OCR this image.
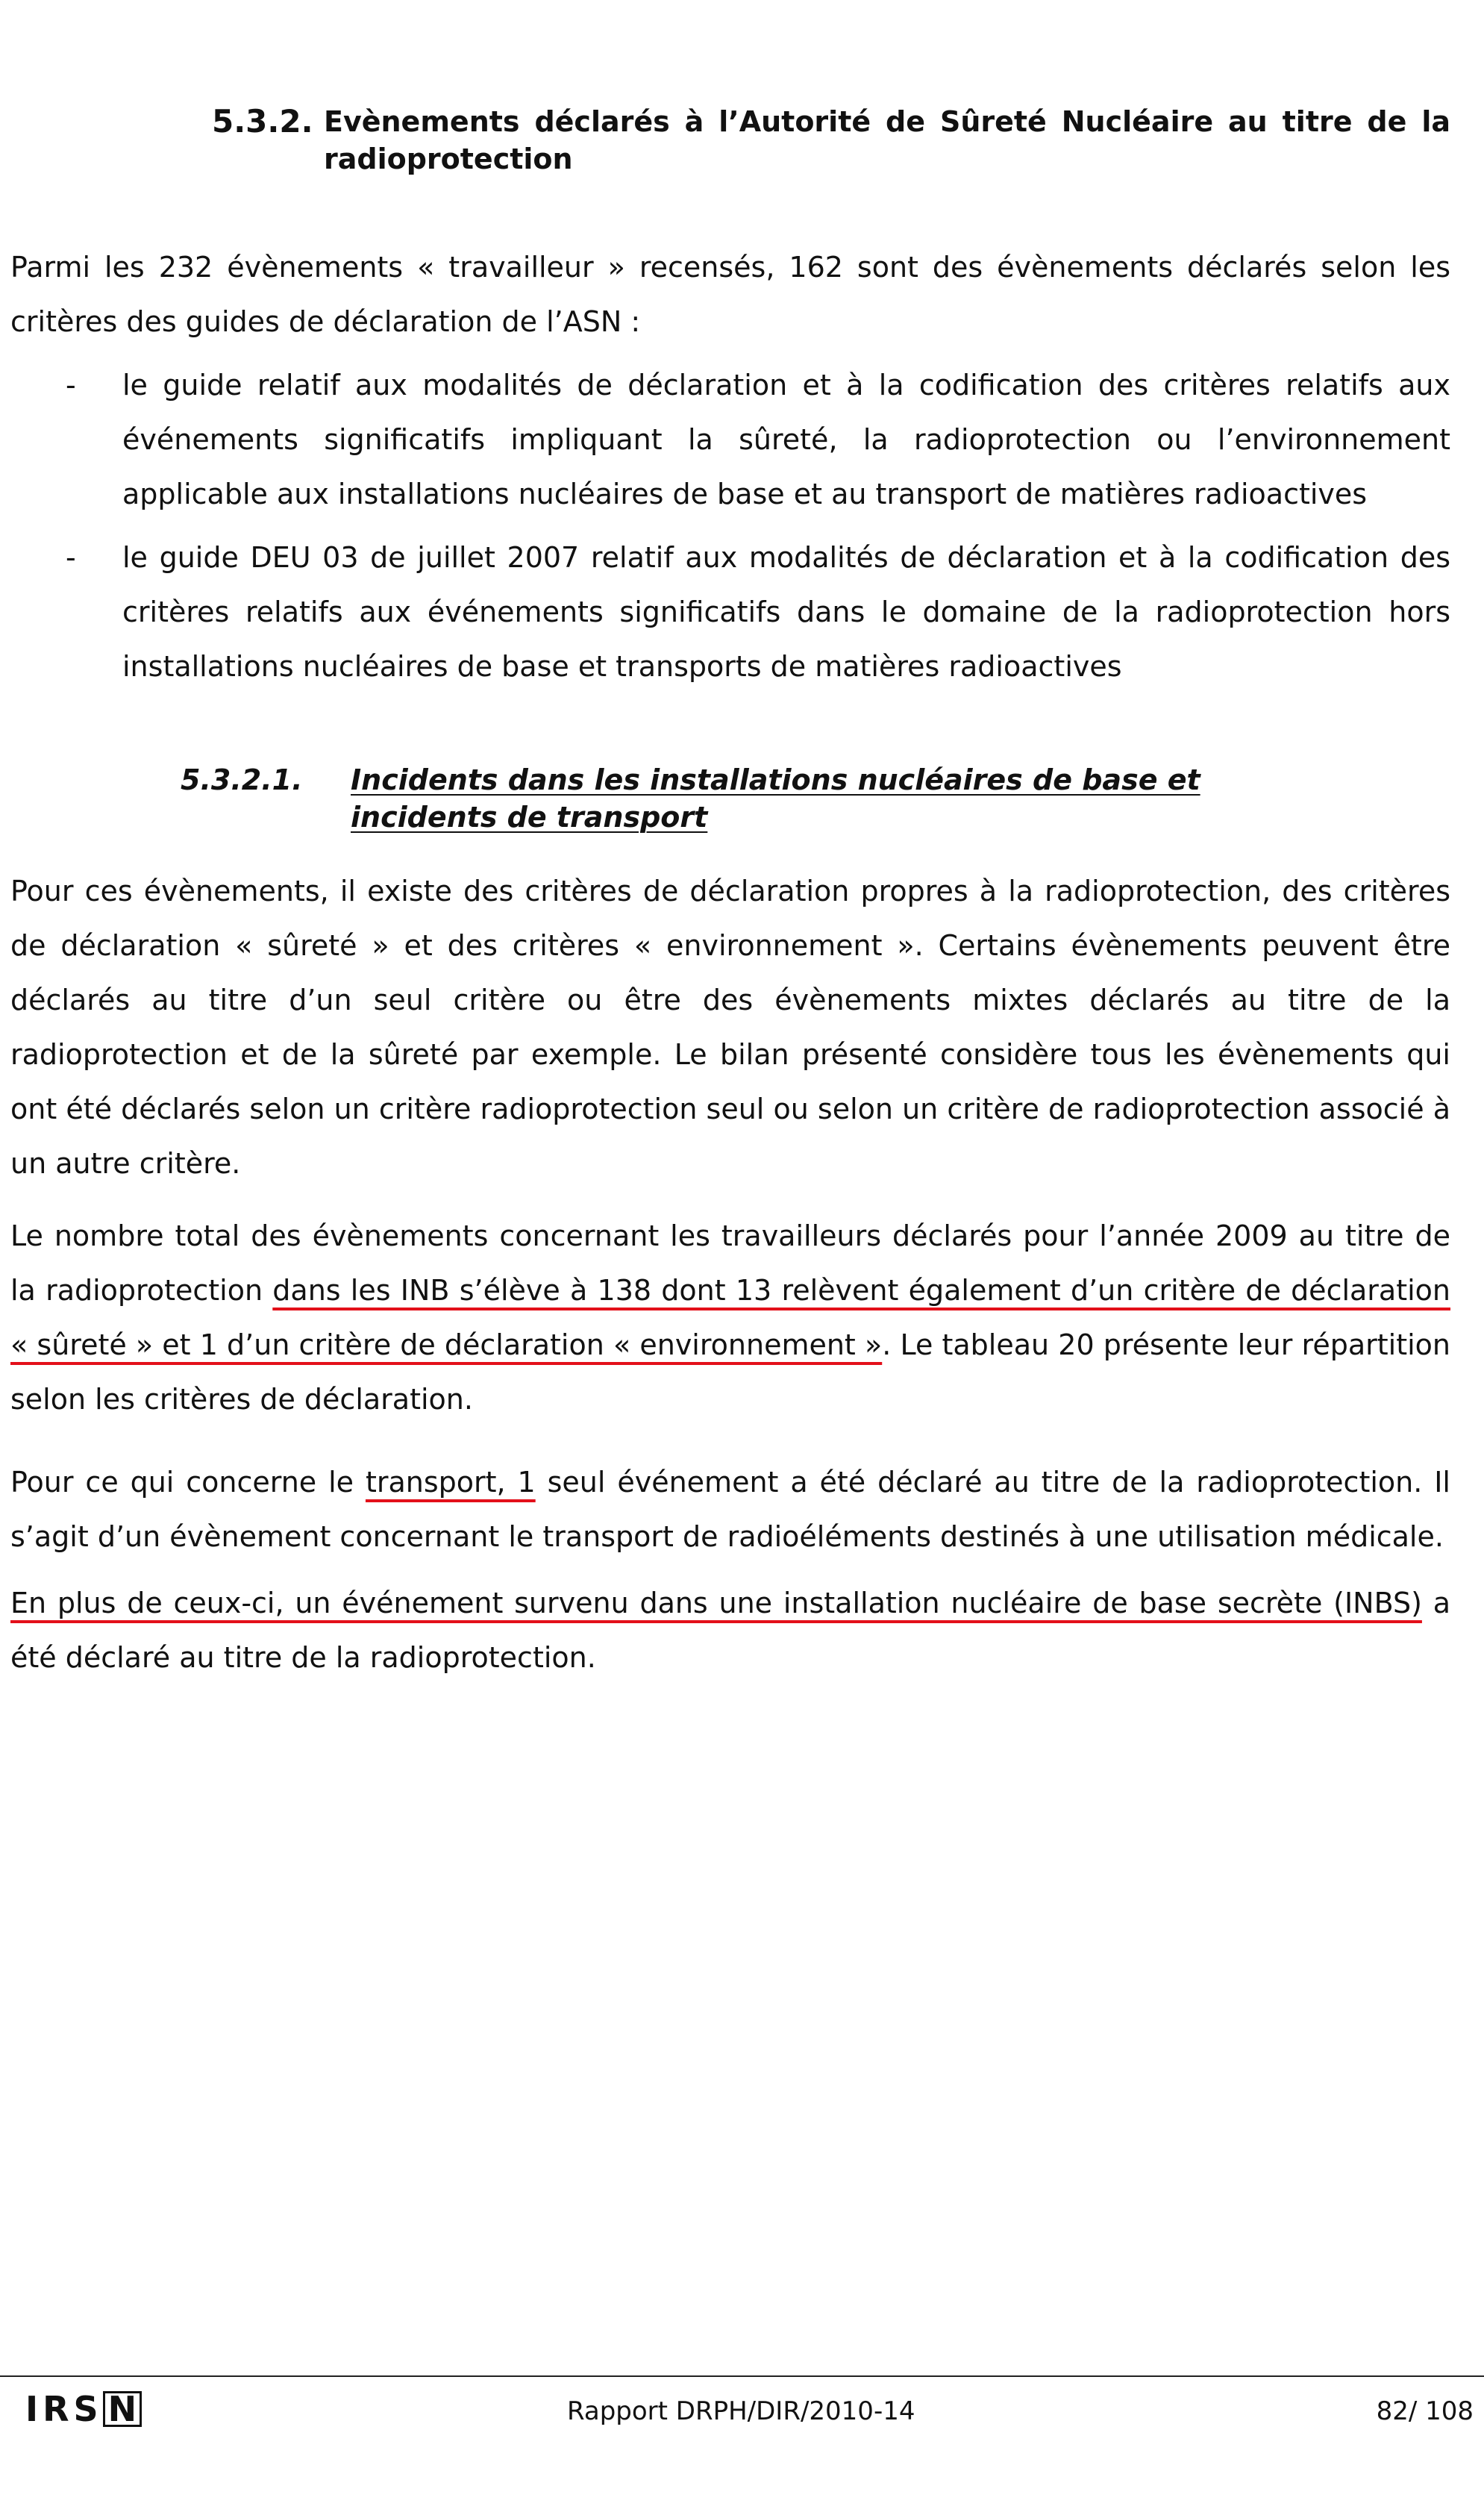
5.3.2. Evènements déclarés à l’Autorité de Sûreté Nucléaire au titre de la radioprotection

Parmi les 232 évènements « travailleur » recensés, 162 sont des évènements déclarés selon les critères des guides de déclaration de l’ASN :

- le guide relatif aux modalités de déclaration et à la codification des critères relatifs aux événements significatifs impliquant la sûreté, la radioprotection ou l’environnement applicable aux installations nucléaires de base et au transport de matières radioactives
- le guide DEU 03 de juillet 2007 relatif aux modalités de déclaration et à la codification des critères relatifs aux événements significatifs dans le domaine de la radioprotection hors installations nucléaires de base et transports de matières radioactives
5.3.2.1. Incidents dans les installations nucléaires de base et incidents de transport

Pour ces évènements, il existe des critères de déclaration propres à la radioprotection, des critères de déclaration « sûreté » et des critères « environnement ». Certains évènements peuvent être déclarés au titre d’un seul critère ou être des évènements mixtes déclarés au titre de la radioprotection et de la sûreté par exemple. Le bilan présenté considère tous les évènements qui ont été déclarés selon un critère radioprotection seul ou selon un critère de radioprotection associé à un autre critère.

Le nombre total des évènements concernant les travailleurs déclarés pour l’année 2009 au titre de la radioprotection dans les INB s’élève à 138 dont 13 relèvent également d’un critère de déclaration « sûreté » et 1 d’un critère de déclaration « environnement ». Le tableau 20 présente leur répartition selon les critères de déclaration.

Pour ce qui concerne le transport, 1 seul événement a été déclaré au titre de la radioprotection. Il s’agit d’un évènement concernant le transport de radioéléments destinés à une utilisation médicale.

En plus de ceux-ci, un événement survenu dans une installation nucléaire de base secrète (INBS) a été déclaré au titre de la radioprotection.

IRS N	Rapport DRPH/DIR/2010-14	82/ 108
